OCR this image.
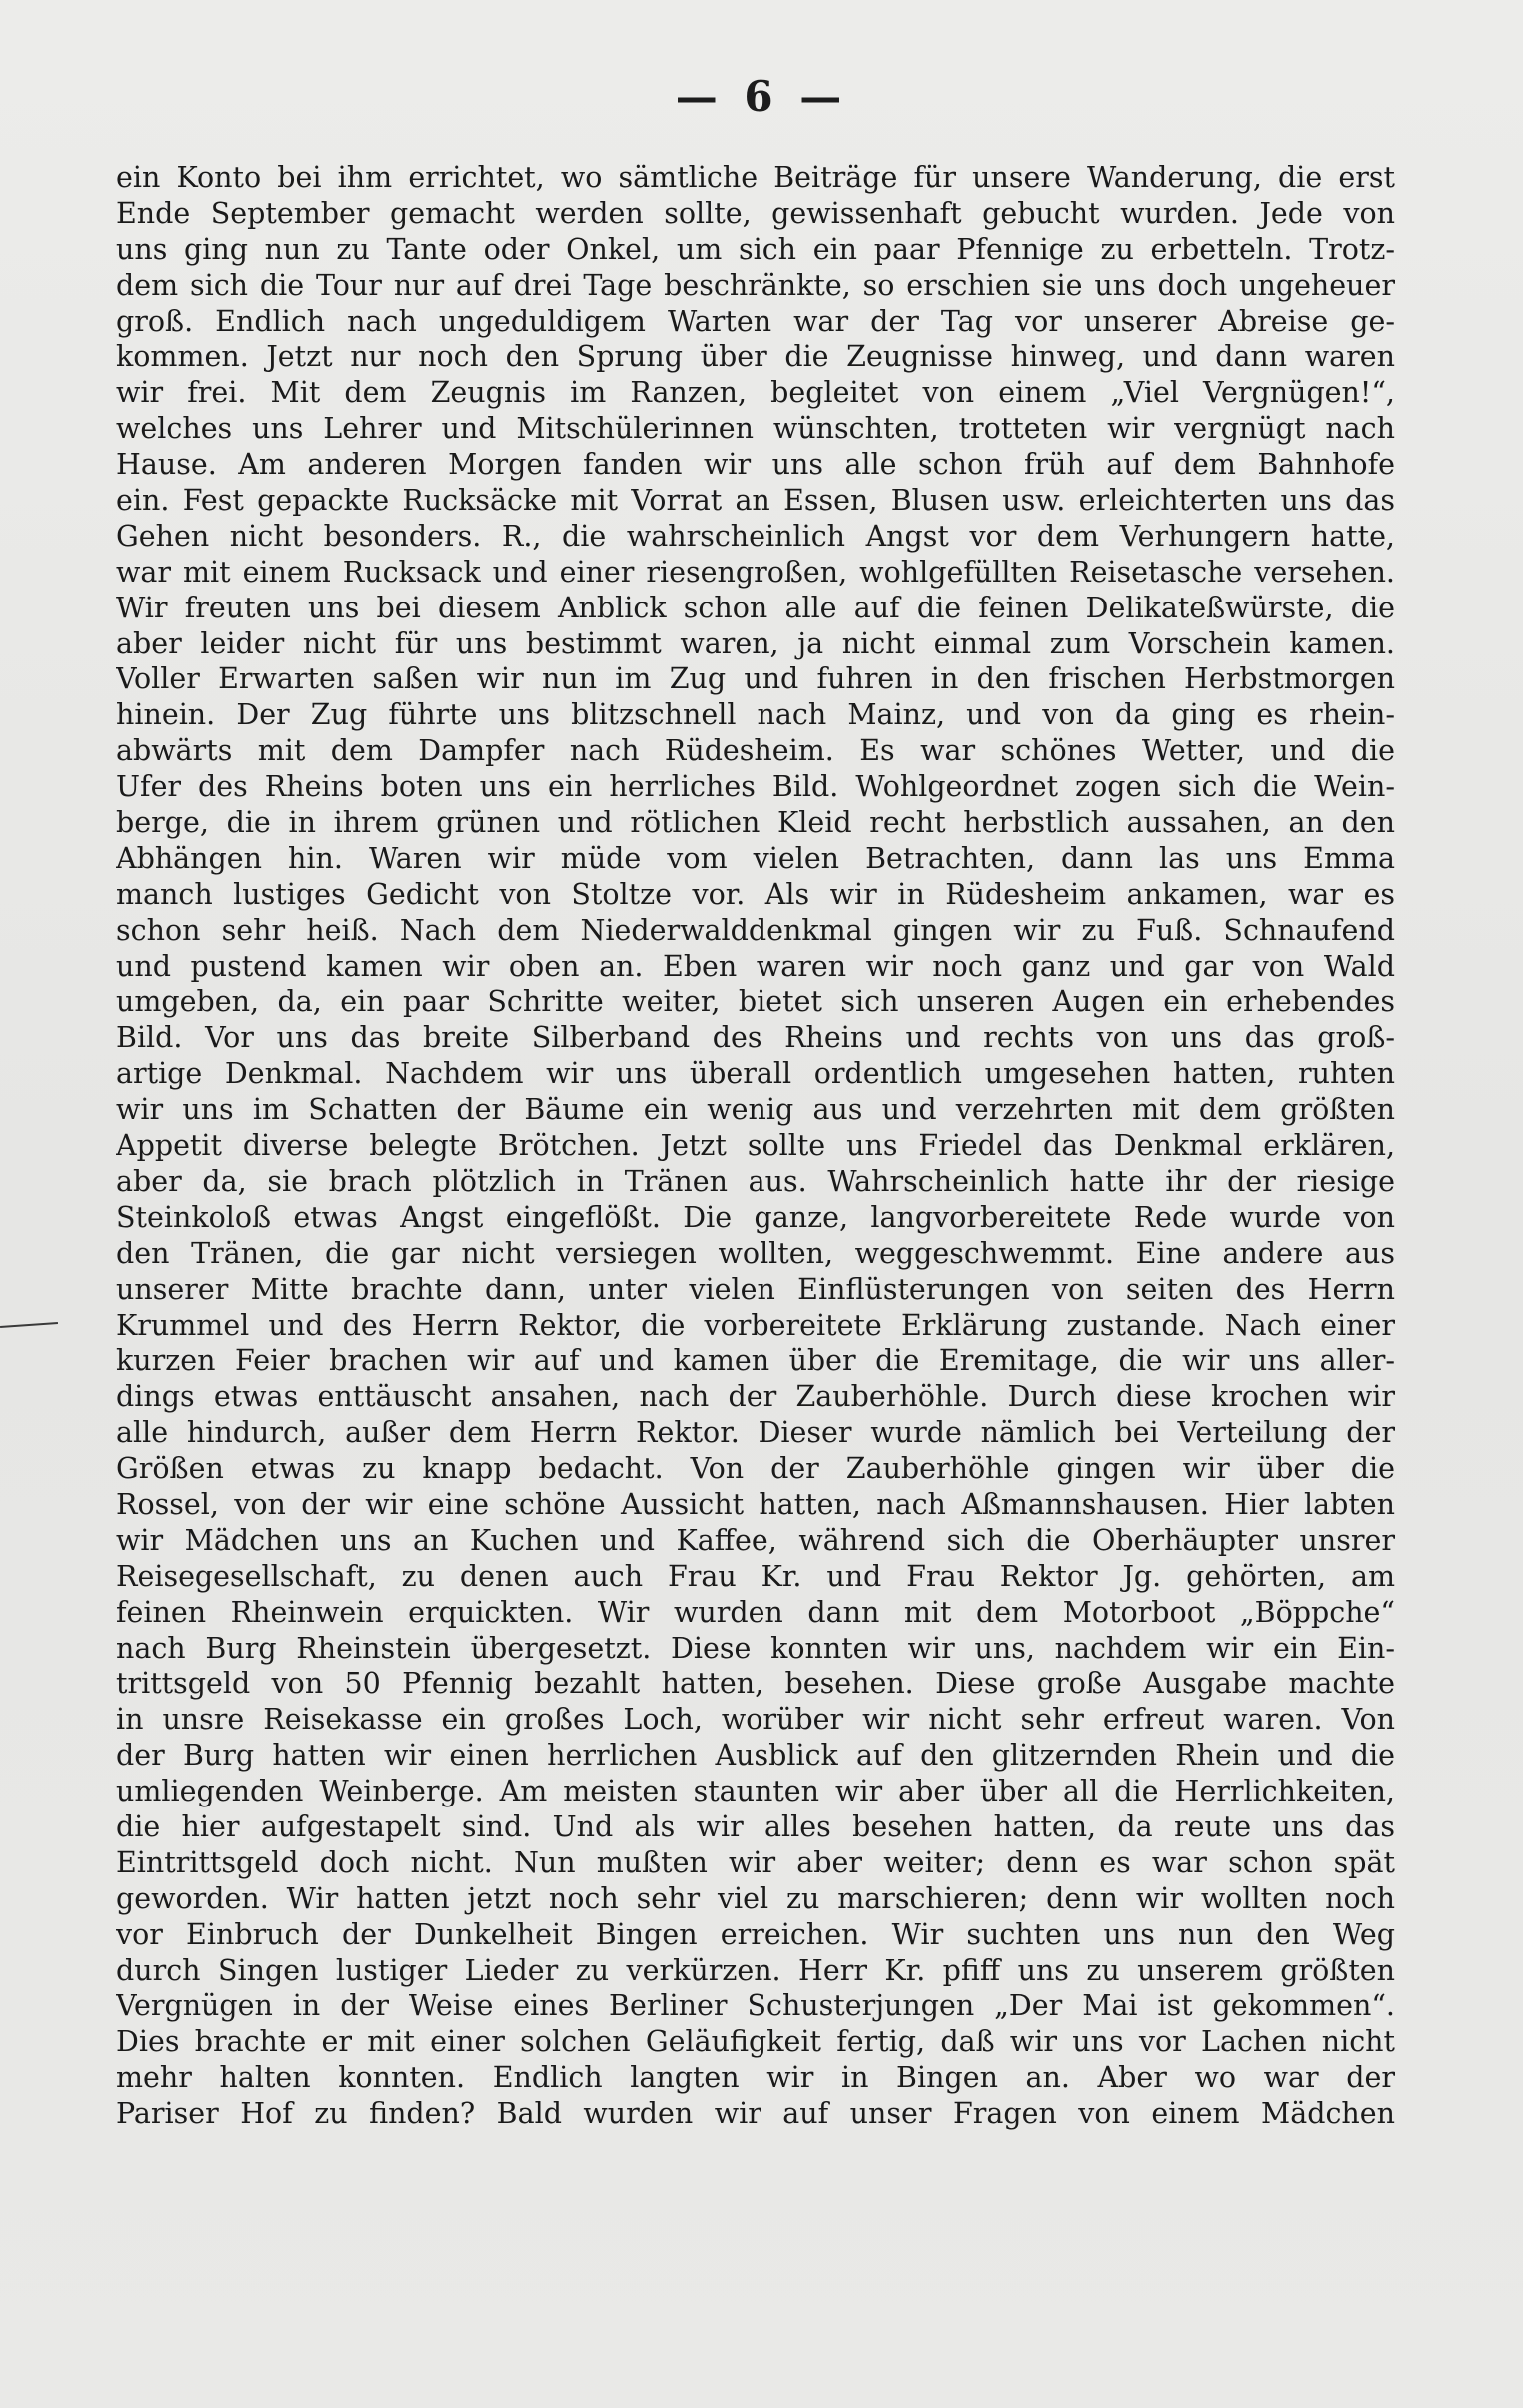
— 6 —
ein Konto bei ihm errichtet, wo sämtliche Beiträge für unsere Wanderung, die erst
Ende September gemacht werden sollte, gewissenhaft gebucht wurden. Jede von
uns ging nun zu Tante oder Onkel, um sich ein paar Pfennige zu erbetteln. Trotz-
dem sich die Tour nur auf drei Tage beschränkte, so erschien sie uns doch ungeheuer
groß. Endlich nach ungeduldigem Warten war der Tag vor unserer Abreise ge-
kommen. Jetzt nur noch den Sprung über die Zeugnisse hinweg, und dann waren
wir frei. Mit dem Zeugnis im Ranzen, begleitet von einem „Viel Vergnügen!“,
welches uns Lehrer und Mitschülerinnen wünschten, trotteten wir vergnügt nach
Hause. Am anderen Morgen fanden wir uns alle schon früh auf dem Bahnhofe
ein. Fest gepackte Rucksäcke mit Vorrat an Essen, Blusen usw. erleichterten uns das
Gehen nicht besonders. R., die wahrscheinlich Angst vor dem Verhungern hatte,
war mit einem Rucksack und einer riesengroßen, wohlgefüllten Reisetasche versehen.
Wir freuten uns bei diesem Anblick schon alle auf die feinen Delikateßwürste, die
aber leider nicht für uns bestimmt waren, ja nicht einmal zum Vorschein kamen.
Voller Erwarten saßen wir nun im Zug und fuhren in den frischen Herbstmorgen
hinein. Der Zug führte uns blitzschnell nach Mainz, und von da ging es rhein-
abwärts mit dem Dampfer nach Rüdesheim. Es war schönes Wetter, und die
Ufer des Rheins boten uns ein herrliches Bild. Wohlgeordnet zogen sich die Wein-
berge, die in ihrem grünen und rötlichen Kleid recht herbstlich aussahen, an den
Abhängen hin. Waren wir müde vom vielen Betrachten, dann las uns Emma
manch lustiges Gedicht von Stoltze vor. Als wir in Rüdesheim ankamen, war es
schon sehr heiß. Nach dem Niederwalddenkmal gingen wir zu Fuß. Schnaufend
und pustend kamen wir oben an. Eben waren wir noch ganz und gar von Wald
umgeben, da, ein paar Schritte weiter, bietet sich unseren Augen ein erhebendes
Bild. Vor uns das breite Silberband des Rheins und rechts von uns das groß-
artige Denkmal. Nachdem wir uns überall ordentlich umgesehen hatten, ruhten
wir uns im Schatten der Bäume ein wenig aus und verzehrten mit dem größten
Appetit diverse belegte Brötchen. Jetzt sollte uns Friedel das Denkmal erklären,
aber da, sie brach plötzlich in Tränen aus. Wahrscheinlich hatte ihr der riesige
Steinkoloß etwas Angst eingeflößt. Die ganze, langvorbereitete Rede wurde von
den Tränen, die gar nicht versiegen wollten, weggeschwemmt. Eine andere aus
unserer Mitte brachte dann, unter vielen Einflüsterungen von seiten des Herrn
Krummel und des Herrn Rektor, die vorbereitete Erklärung zustande. Nach einer
kurzen Feier brachen wir auf und kamen über die Eremitage, die wir uns aller-
dings etwas enttäuscht ansahen, nach der Zauberhöhle. Durch diese krochen wir
alle hindurch, außer dem Herrn Rektor. Dieser wurde nämlich bei Verteilung der
Größen etwas zu knapp bedacht. Von der Zauberhöhle gingen wir über die
Rossel, von der wir eine schöne Aussicht hatten, nach Aßmannshausen. Hier labten
wir Mädchen uns an Kuchen und Kaffee, während sich die Oberhäupter unsrer
Reisegesellschaft, zu denen auch Frau Kr. und Frau Rektor Jg. gehörten, am
feinen Rheinwein erquickten. Wir wurden dann mit dem Motorboot „Böppche“
nach Burg Rheinstein übergesetzt. Diese konnten wir uns, nachdem wir ein Ein-
trittsgeld von 50 Pfennig bezahlt hatten, besehen. Diese große Ausgabe machte
in unsre Reisekasse ein großes Loch, worüber wir nicht sehr erfreut waren. Von
der Burg hatten wir einen herrlichen Ausblick auf den glitzernden Rhein und die
umliegenden Weinberge. Am meisten staunten wir aber über all die Herrlichkeiten,
die hier aufgestapelt sind. Und als wir alles besehen hatten, da reute uns das
Eintrittsgeld doch nicht. Nun mußten wir aber weiter; denn es war schon spät
geworden. Wir hatten jetzt noch sehr viel zu marschieren; denn wir wollten noch
vor Einbruch der Dunkelheit Bingen erreichen. Wir suchten uns nun den Weg
durch Singen lustiger Lieder zu verkürzen. Herr Kr. pfiff uns zu unserem größten
Vergnügen in der Weise eines Berliner Schusterjungen „Der Mai ist gekommen“.
Dies brachte er mit einer solchen Geläufigkeit fertig, daß wir uns vor Lachen nicht
mehr halten konnten. Endlich langten wir in Bingen an. Aber wo war der
Pariser Hof zu finden? Bald wurden wir auf unser Fragen von einem Mädchen
